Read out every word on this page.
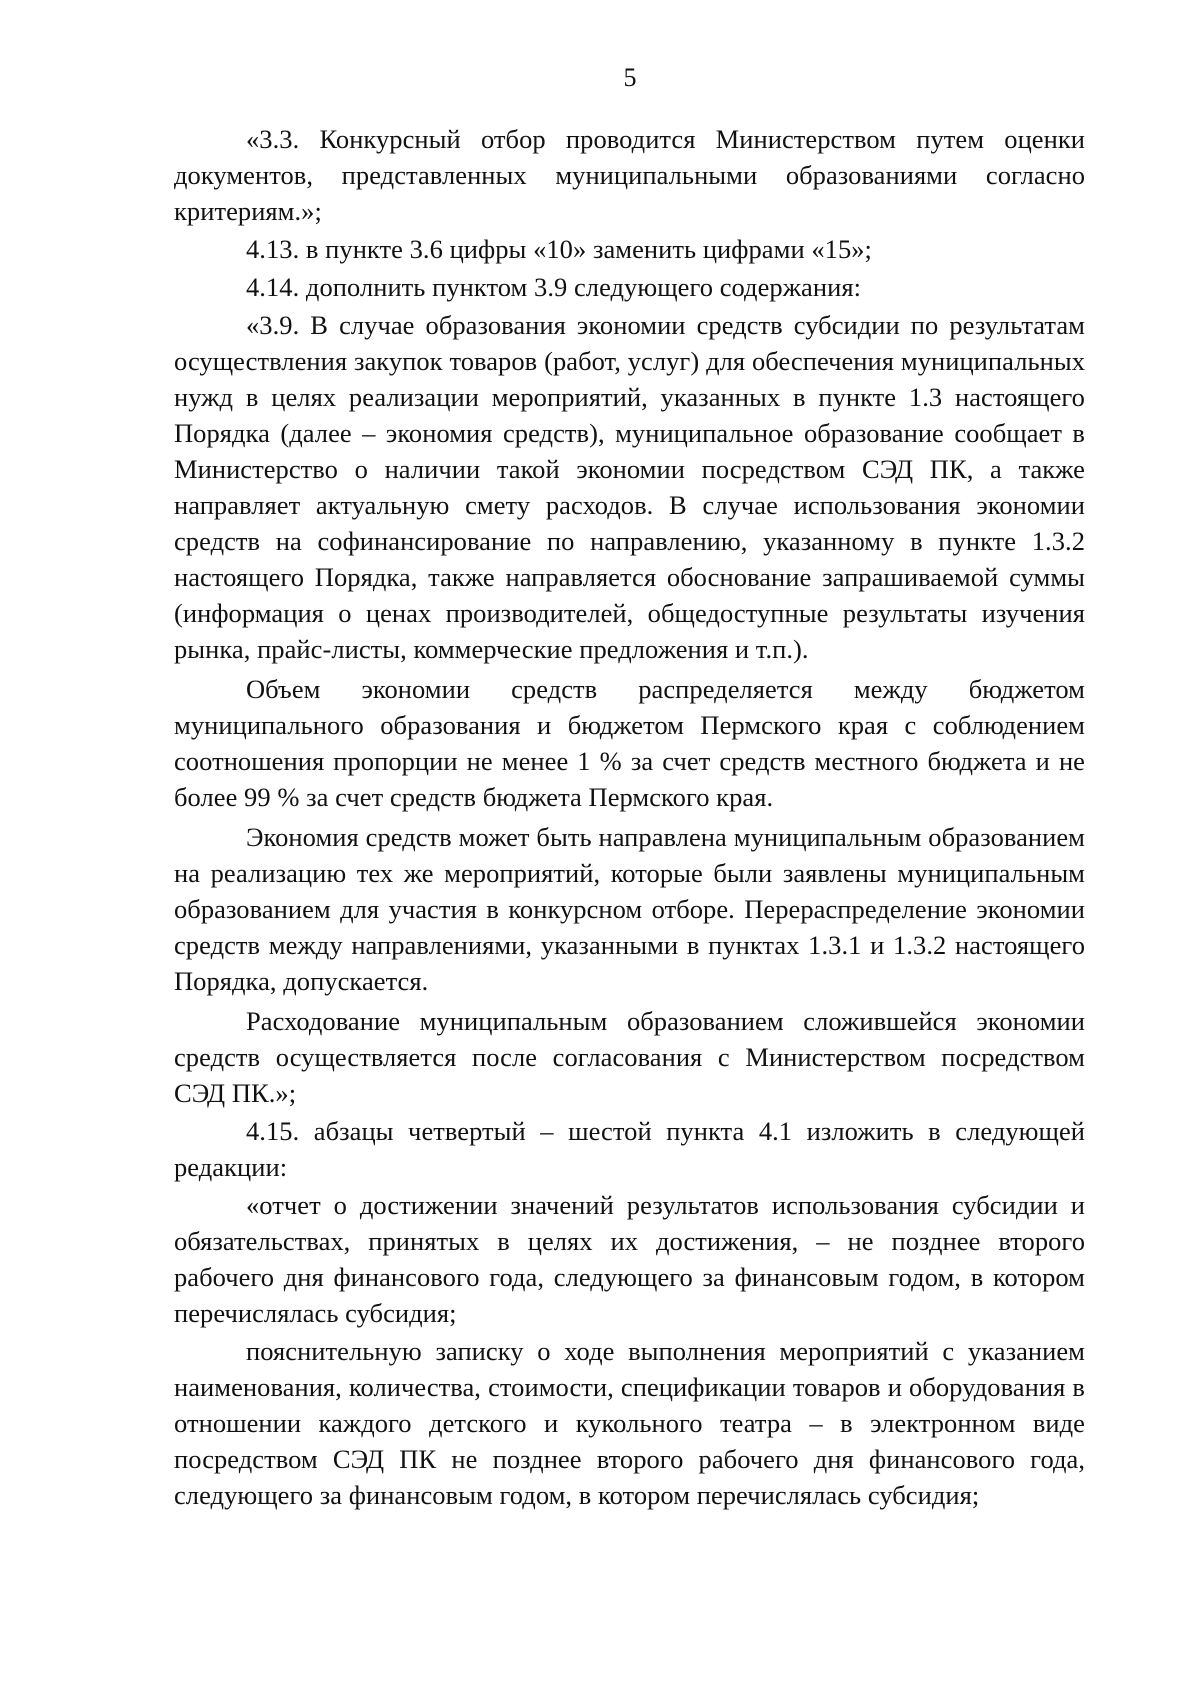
5

«3.3. Конкурсный отбор проводится Министерством путем оценки документов, представленных муниципальными образованиями согласно критериям.»;

4.13. в пункте 3.6 цифры «10» заменить цифрами «15»;

4.14. дополнить пунктом 3.9 следующего содержания:

«3.9. В случае образования экономии средств субсидии по результатам осуществления закупок товаров (работ, услуг) для обеспечения муниципальных нужд в целях реализации мероприятий, указанных в пункте 1.3 настоящего Порядка (далее – экономия средств), муниципальное образование сообщает в Министерство о наличии такой экономии посредством СЭД ПК, а также направляет актуальную смету расходов. В случае использования экономии средств на софинансирование по направлению, указанному в пункте 1.3.2 настоящего Порядка, также направляется обоснование запрашиваемой суммы (информация о ценах производителей, общедоступные результаты изучения рынка, прайс-листы, коммерческие предложения и т.п.).

Объем экономии средств распределяется между бюджетом муниципального образования и бюджетом Пермского края с соблюдением соотношения пропорции не менее 1 % за счет средств местного бюджета и не более 99 % за счет средств бюджета Пермского края.

Экономия средств может быть направлена муниципальным образованием на реализацию тех же мероприятий, которые были заявлены муниципальным образованием для участия в конкурсном отборе. Перераспределение экономии средств между направлениями, указанными в пунктах 1.3.1 и 1.3.2 настоящего Порядка, допускается.

Расходование муниципальным образованием сложившейся экономии средств осуществляется после согласования с Министерством посредством СЭД ПК.»;

4.15. абзацы четвертый – шестой пункта 4.1 изложить в следующей редакции:

«отчет о достижении значений результатов использования субсидии и обязательствах, принятых в целях их достижения, – не позднее второго рабочего дня финансового года, следующего за финансовым годом, в котором перечислялась субсидия;

пояснительную записку о ходе выполнения мероприятий с указанием наименования, количества, стоимости, спецификации товаров и оборудования в отношении каждого детского и кукольного театра – в электронном виде посредством СЭД ПК не позднее второго рабочего дня финансового года, следующего за финансовым годом, в котором перечислялась субсидия;
